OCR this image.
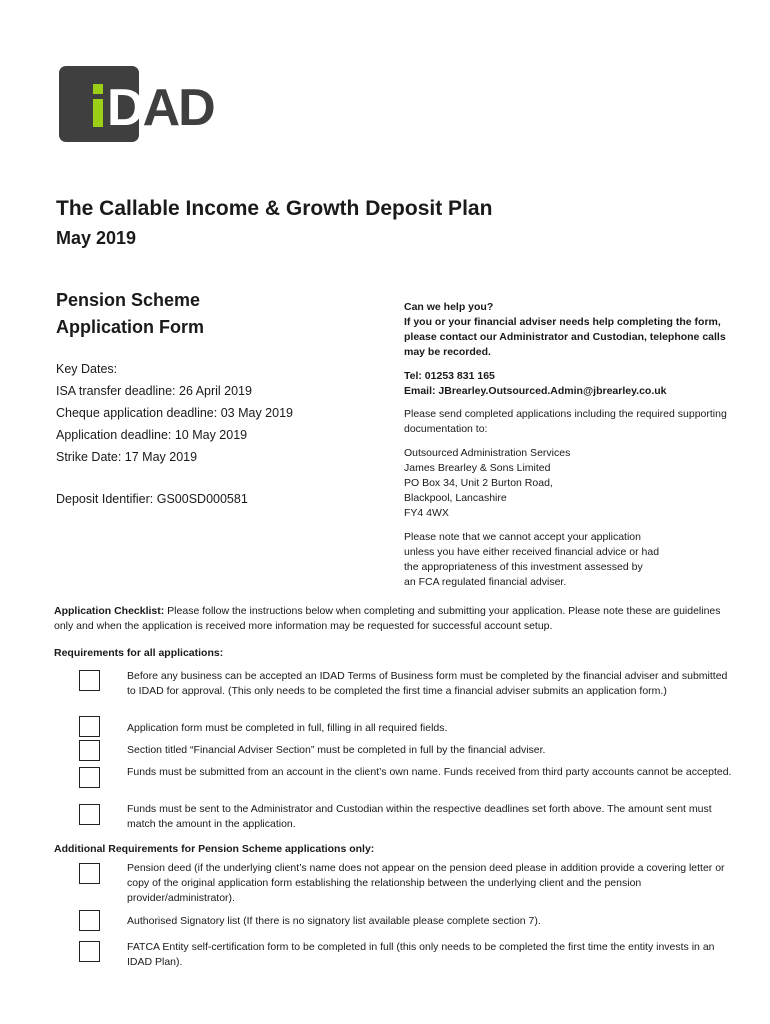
DAD
The Callable Income & Growth Deposit Plan
May 2019
Pension Scheme
Application Form
Key Dates:
ISA transfer deadline: 26 April 2019
Cheque application deadline: 03 May 2019
Application deadline: 10 May 2019
Strike Date: 17 May 2019
Deposit Identifier: GS00SD000581
Can we help you?
If you or your financial adviser needs help completing the form, please contact our Administrator and Custodian, telephone calls may be recorded.
Tel: 01253 831 165
Email: JBrearley.Outsourced.Admin@jbrearley.co.uk
Please send completed applications including the required supporting documentation to:
Outsourced Administration Services
James Brearley & Sons Limited
PO Box 34, Unit 2 Burton Road,
Blackpool, Lancashire
FY4 4WX
Please note that we cannot accept your application
unless you have either received financial advice or had
the appropriateness of this investment assessed by
an FCA regulated financial adviser.
Application Checklist: Please follow the instructions below when completing and submitting your application. Please note these are guidelines only and when the application is received more information may be requested for successful account setup.
Requirements for all applications:
Before any business can be accepted an IDAD Terms of Business form must be completed by the financial adviser and submitted to IDAD for approval. (This only needs to be completed the first time a financial adviser submits an application form.)
Application form must be completed in full, filling in all required fields.
Section titled “Financial Adviser Section” must be completed in full by the financial adviser.
Funds must be submitted from an account in the client’s own name. Funds received from third party accounts cannot be accepted.
Funds must be sent to the Administrator and Custodian within the respective deadlines set forth above. The amount sent must match the amount in the application.
Additional Requirements for Pension Scheme applications only:
Pension deed (if the underlying client’s name does not appear on the pension deed please in addition provide a covering letter or copy of the original application form establishing the relationship between the underlying client and the pension provider/administrator).
Authorised Signatory list (If there is no signatory list available please complete section 7).
FATCA Entity self-certification form to be completed in full (this only needs to be completed the first time the entity invests in an IDAD Plan).
